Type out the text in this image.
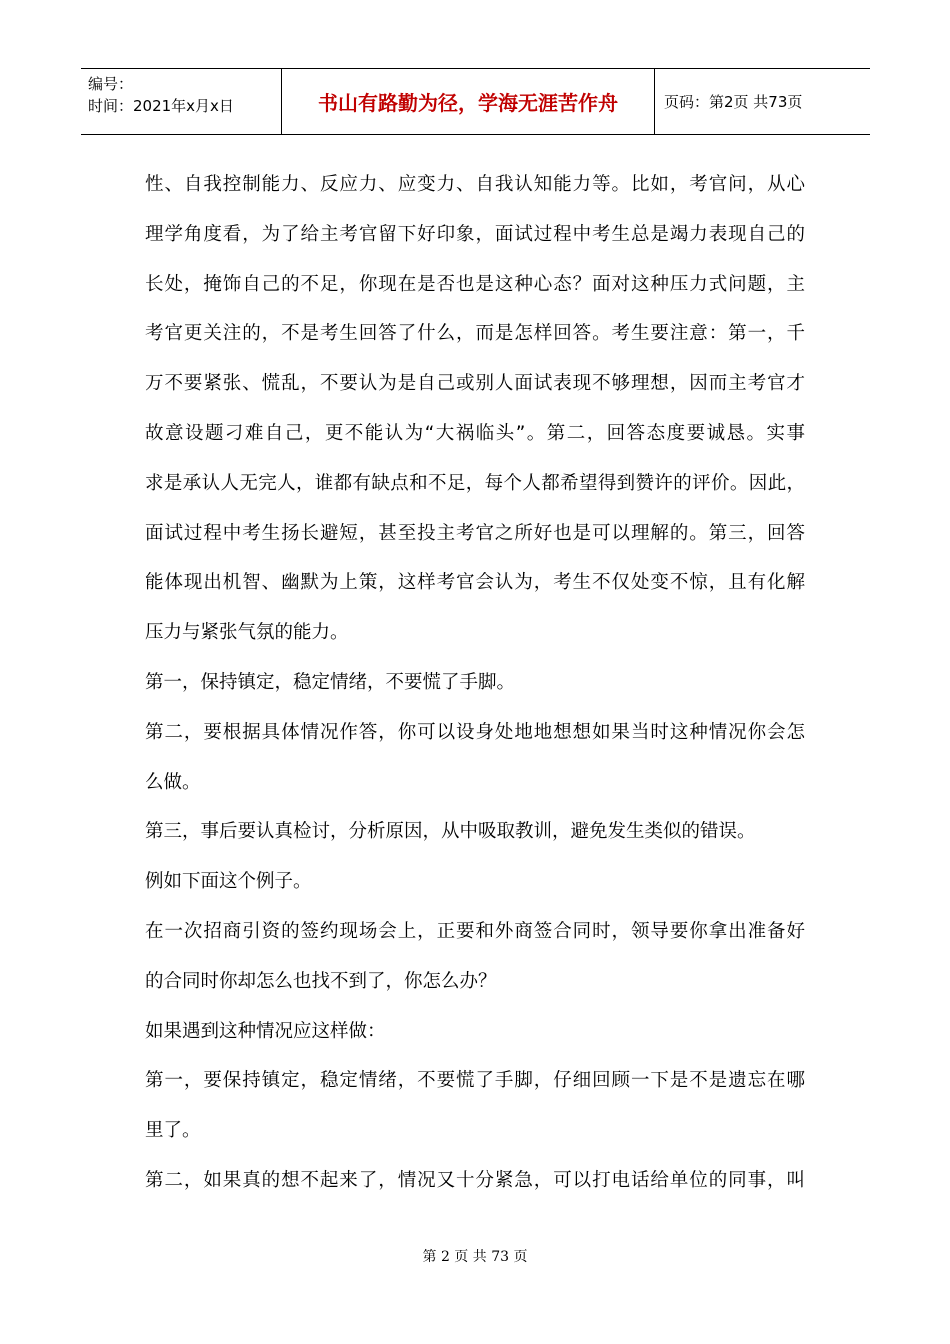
编号：
时间：2021年x月x日	书山有路勤为径，学海无涯苦作舟	页码：第2页 共73页
性、自我控制能力、反应力、应变力、自我认知能力等。比如，考官问，从心
理学角度看，为了给主考官留下好印象，面试过程中考生总是竭力表现自己的
长处，掩饰自己的不足，你现在是否也是这种心态？面对这种压力式问题，主
考官更关注的，不是考生回答了什么，而是怎样回答。考生要注意：第一，千
万不要紧张、慌乱，不要认为是自己或别人面试表现不够理想，因而主考官才
故意设题刁难自己，更不能认为“大祸临头”。第二，回答态度要诚恳。实事
求是承认人无完人，谁都有缺点和不足，每个人都希望得到赞许的评价。因此，
面试过程中考生扬长避短，甚至投主考官之所好也是可以理解的。第三，回答
能体现出机智、幽默为上策，这样考官会认为，考生不仅处变不惊，且有化解
压力与紧张气氛的能力。
第一，保持镇定，稳定情绪，不要慌了手脚。
第二，要根据具体情况作答，你可以设身处地地想想如果当时这种情况你会怎
么做。
第三，事后要认真检讨，分析原因，从中吸取教训，避免发生类似的错误。
例如下面这个例子。
在一次招商引资的签约现场会上，正要和外商签合同时，领导要你拿出准备好
的合同时你却怎么也找不到了，你怎么办？
如果遇到这种情况应这样做：
第一，要保持镇定，稳定情绪，不要慌了手脚，仔细回顾一下是不是遗忘在哪
里了。
第二，如果真的想不起来了，情况又十分紧急，可以打电话给单位的同事，叫
第 2 页 共 73 页
